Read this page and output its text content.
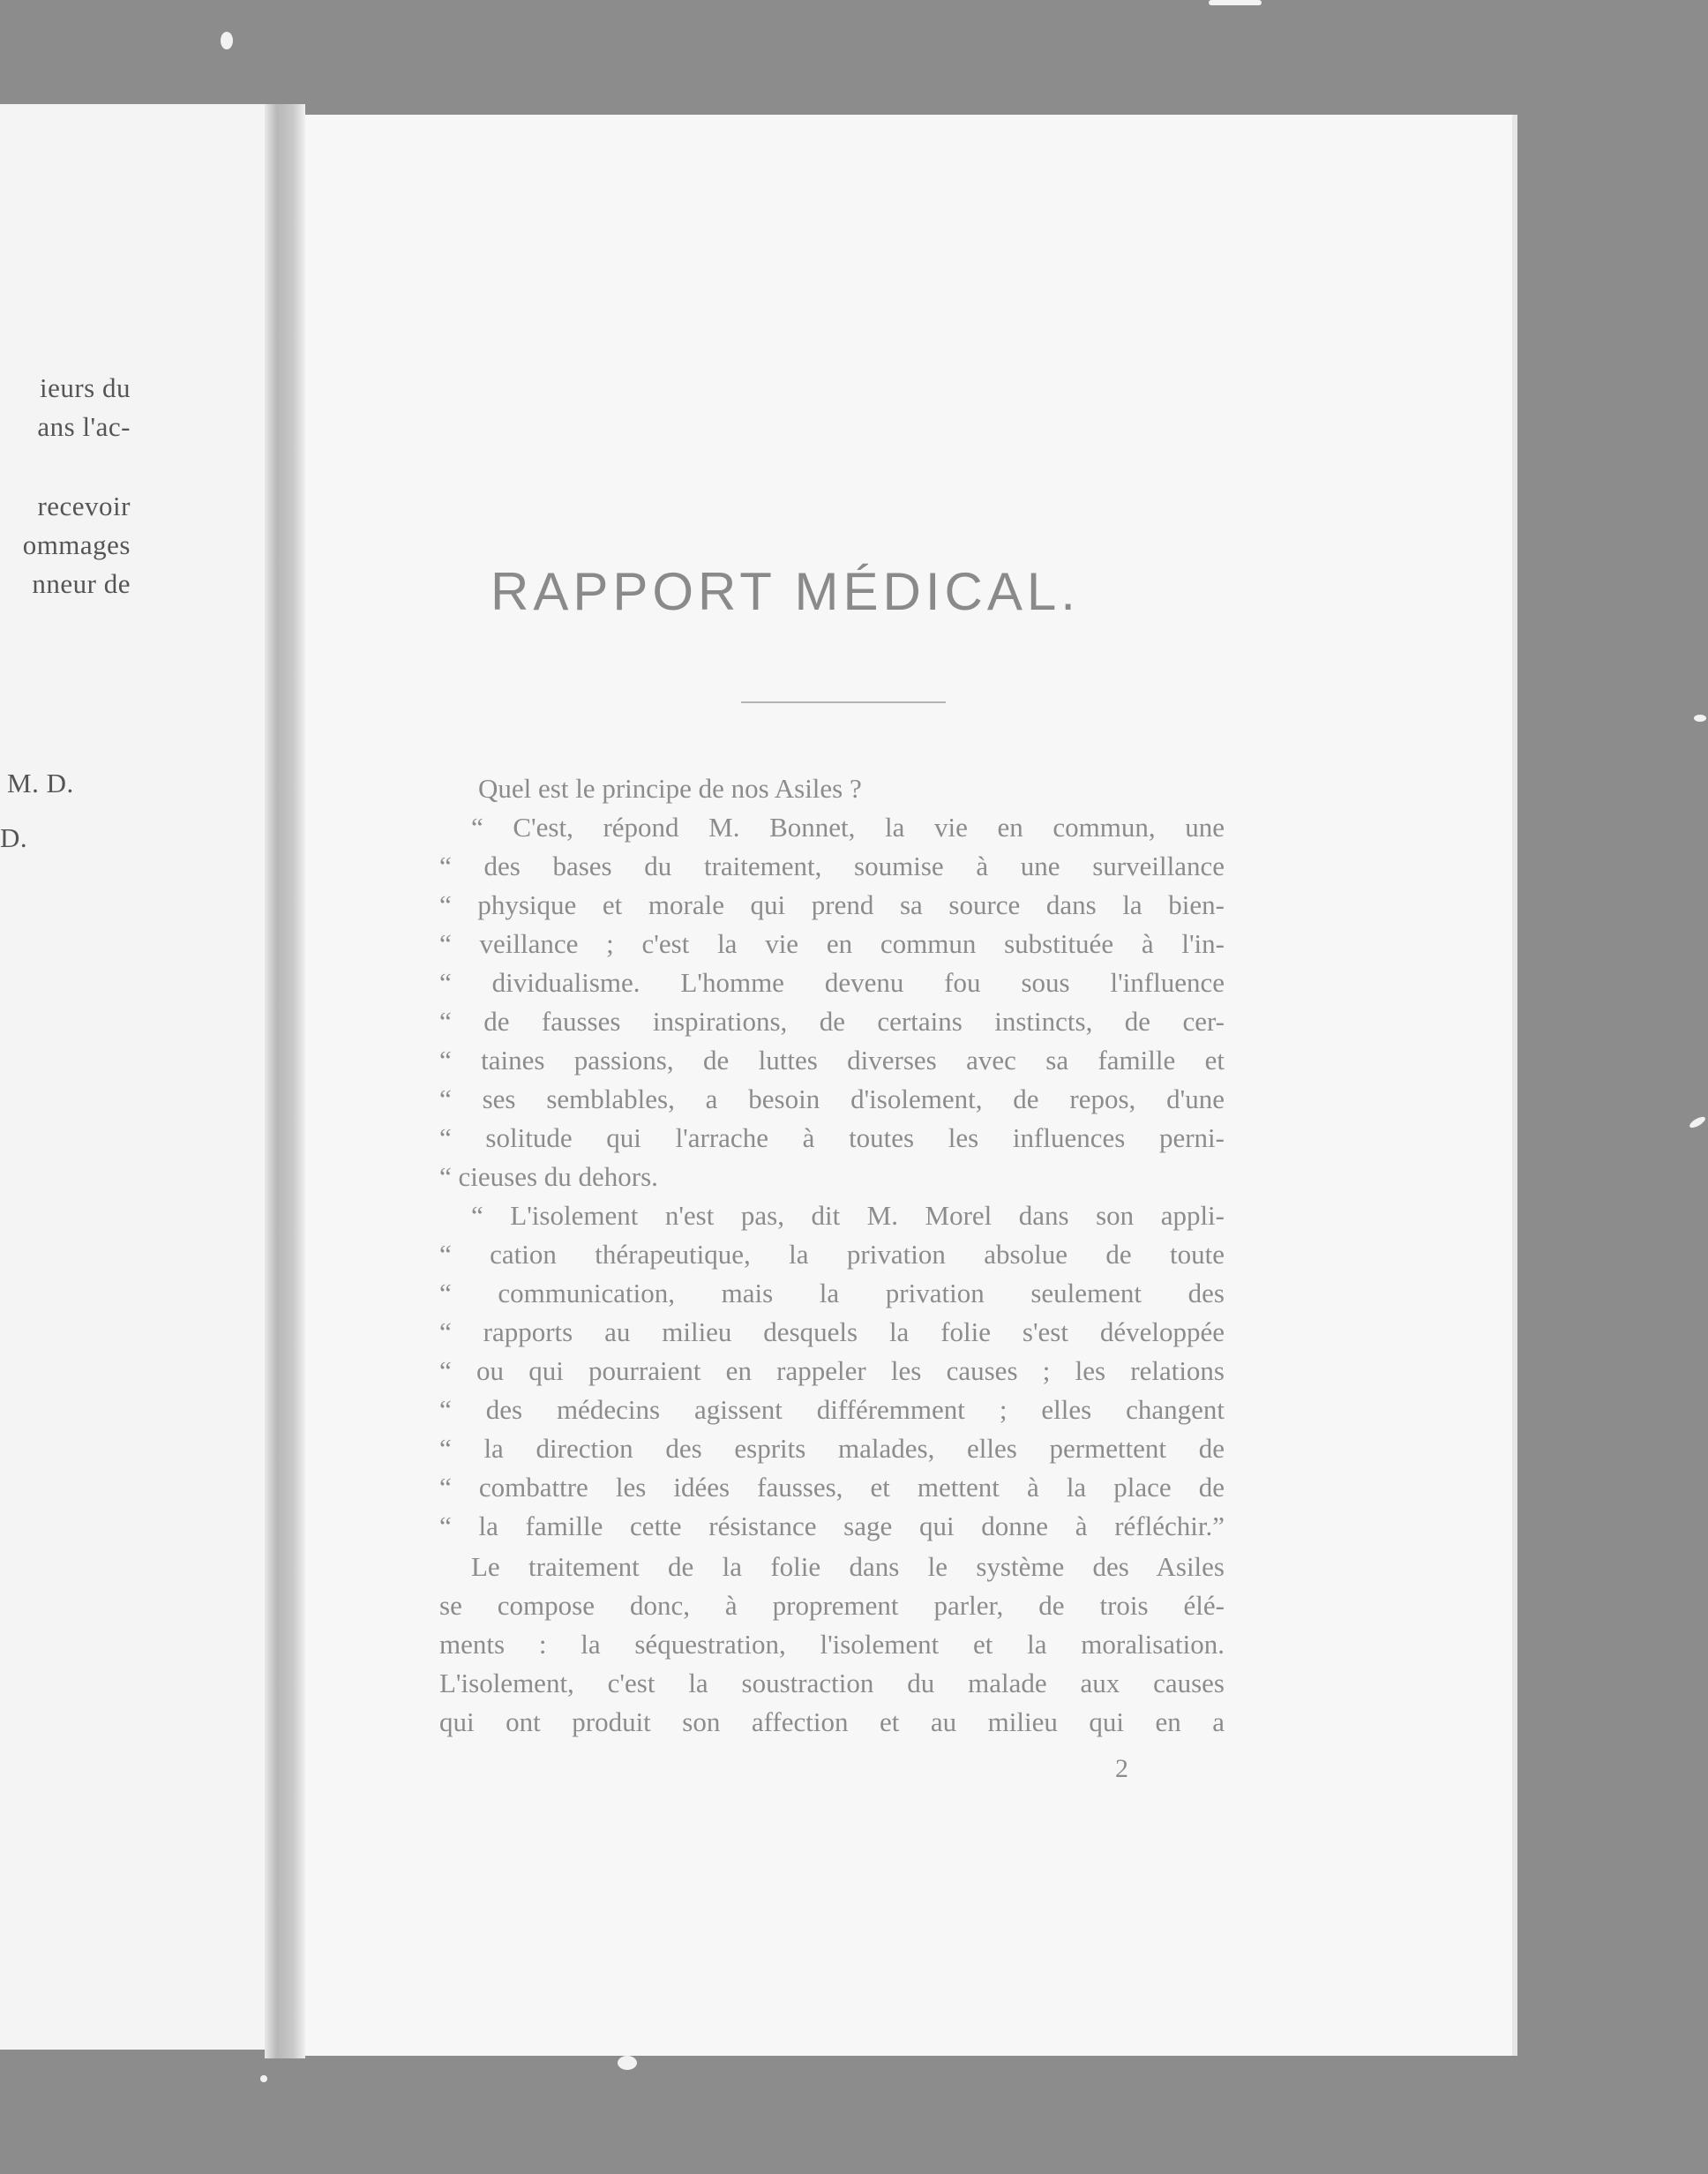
ieurs du
ans l'ac-
recevoir
ommages
nneur de
M. D.
D.
RAPPORT MÉDICAL.
Quel est le principe de nos Asiles ?
“ C'est, répond M. Bonnet, la vie en commun, une
“ des bases du traitement, soumise à une surveillance
“ physique et morale qui prend sa source dans la bien-
“ veillance ; c'est la vie en commun substituée à l'in-
“ dividualisme. L'homme devenu fou sous l'influence
“ de fausses inspirations, de certains instincts, de cer-
“ taines passions, de luttes diverses avec sa famille et
“ ses semblables, a besoin d'isolement, de repos, d'une
“ solitude qui l'arrache à toutes les influences perni-
“ cieuses du dehors.
“ L'isolement n'est pas, dit M. Morel dans son appli-
“ cation thérapeutique, la privation absolue de toute
“ communication, mais la privation seulement des
“ rapports au milieu desquels la folie s'est développée
“ ou qui pourraient en rappeler les causes ; les relations
“ des médecins agissent différemment ; elles changent
“ la direction des esprits malades, elles permettent de
“ combattre les idées fausses, et mettent à la place de
“ la famille cette résistance sage qui donne à réfléchir.”
Le traitement de la folie dans le système des Asiles
se compose donc, à proprement parler, de trois élé-
ments : la séquestration, l'isolement et la moralisation.
L'isolement, c'est la soustraction du malade aux causes
qui ont produit son affection et au milieu qui en a
2
